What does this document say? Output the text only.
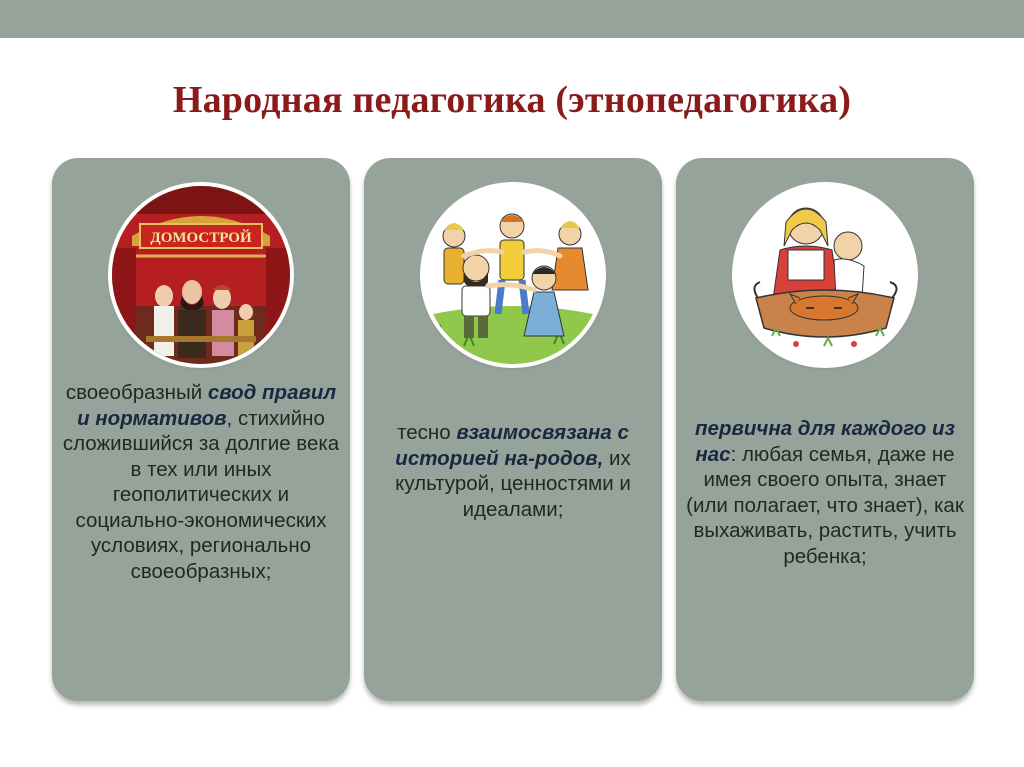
Народная педагогика (этнопедагогика)
ДОМОСТРОЙ
своеобразный свод правил и нормативов, стихийно сложившийся за долгие века в тех или иных геополитических и социально-экономических условиях, регионально своеобразных;
тесно взаимосвязана с историей на-родов, их культурой, ценностями и идеалами;
первична для каждого из нас: любая семья, даже не имея своего опыта, знает (или полагает, что знает), как выхаживать, растить, учить ребенка;
